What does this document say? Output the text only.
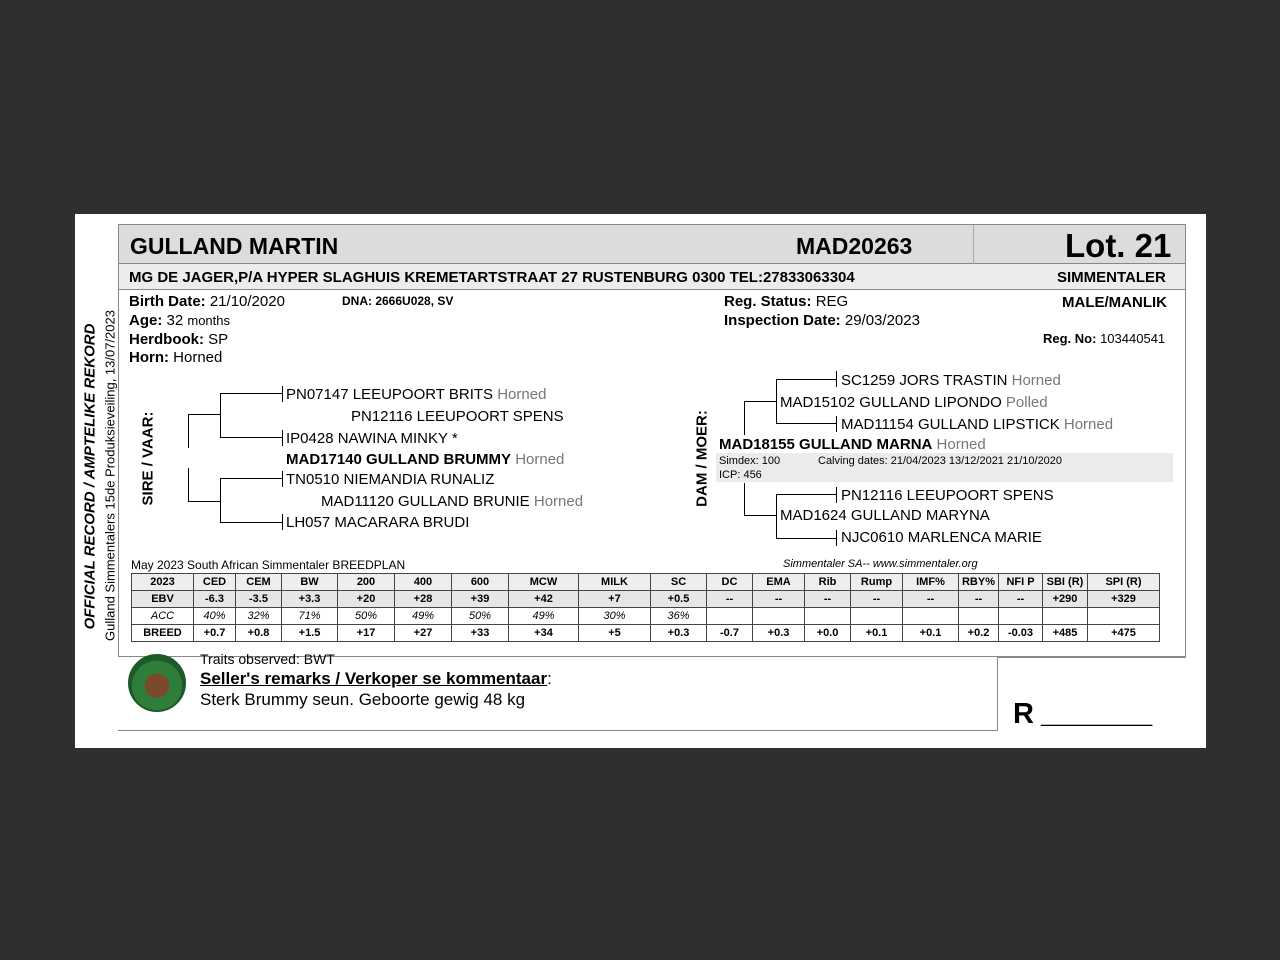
OFFICIAL RECORD / AMPTELIKE REKORD Gulland Simmentalers 15de Produksieveiling, 13/07/2023
GULLAND MARTIN	MAD20263	Lot. 21
MG DE JAGER,P/A HYPER SLAGHUIS KREMETARTSTRAAT 27 RUSTENBURG 0300 TEL:27833063304	SIMMENTALER
Birth Date: 21/10/2020	DNA: 2666U028, SV
Age: 32 months
Herdbook: SP
Horn: Horned
Reg. Status: REG
Inspection Date: 29/03/2023
MALE/MANLIK
Reg. No: 103440541
SIRE / VAAR:
PN07147 LEEUPOORT BRITS Horned
PN12116 LEEUPOORT SPENS
IP0428 NAWINA MINKY *
MAD17140 GULLAND BRUMMY Horned
TN0510 NIEMANDIA RUNALIZ
MAD11120 GULLAND BRUNIE Horned
LH057 MACARARA BRUDI
DAM / MOER:
SC1259 JORS TRASTIN Horned
MAD15102 GULLAND LIPONDO Polled
MAD11154 GULLAND LIPSTICK Horned
MAD18155 GULLAND MARNA Horned
Simdex: 100	Calving dates: 21/04/2023 13/12/2021 21/10/2020
ICP: 456
PN12116 LEEUPOORT SPENS
MAD1624 GULLAND MARYNA
NJC0610 MARLENCA MARIE
May 2023 South African Simmentaler BREEDPLAN	Simmentaler SA-- www.simmentaler.org
2023	CED	CEM	BW	200	400	600	MCW	MILK	SC	DC	EMA	Rib	Rump	IMF%	RBY%	NFI P	SBI (R)	SPI (R)
EBV	-6.3	-3.5	+3.3	+20	+28	+39	+42	+7	+0.5	--	--	--	--	--	--	--	+290	+329
ACC	40%	32%	71%	50%	49%	50%	49%	30%	36%									
BREED	+0.7	+0.8	+1.5	+17	+27	+33	+34	+5	+0.3	-0.7	+0.3	+0.0	+0.1	+0.1	+0.2	-0.03	+485	+475
Traits observed: BWT
Seller's remarks / Verkoper se kommentaar:
Sterk Brummy seun. Geboorte gewig 48 kg	R __________
